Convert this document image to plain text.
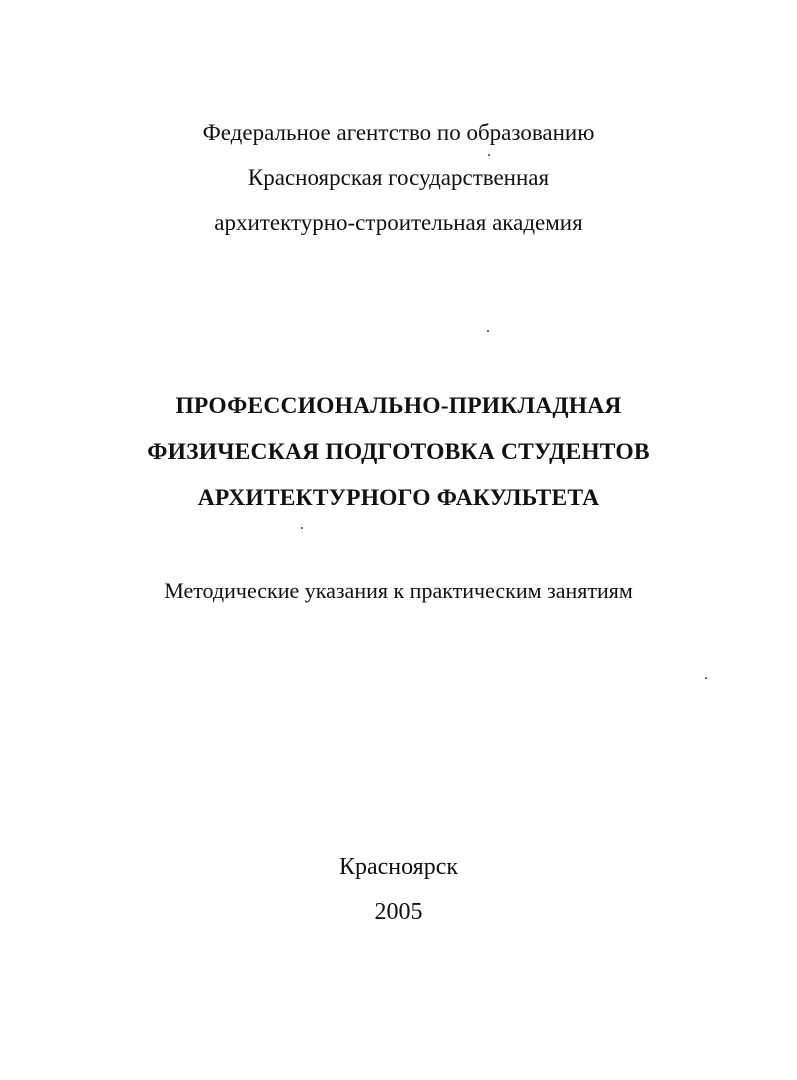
Федеральное агентство по образованию
Красноярская государственная
архитектурно-строительная академия
ПРОФЕССИОНАЛЬНО-ПРИКЛАДНАЯ
ФИЗИЧЕСКАЯ ПОДГОТОВКА СТУДЕНТОВ
АРХИТЕКТУРНОГО ФАКУЛЬТЕТА
Методические указания к практическим занятиям
Красноярск
2005
